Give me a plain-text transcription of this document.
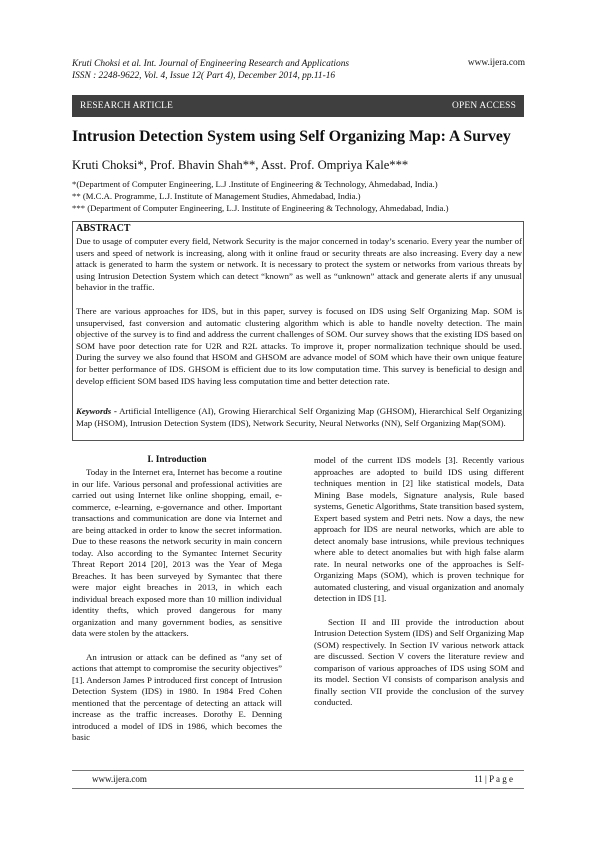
Kruti Choksi et al. Int. Journal of Engineering Research and Applications
ISSN : 2248-9622, Vol. 4, Issue 12( Part 4), December 2014, pp.11-16
www.ijera.com
RESEARCH ARTICLE	OPEN ACCESS
Intrusion Detection System using Self Organizing Map: A Survey
Kruti Choksi*, Prof. Bhavin Shah**, Asst. Prof. Ompriya Kale***
*(Department of Computer Engineering, L.J .Institute of Engineering & Technology, Ahmedabad, India.)
** (M.C.A. Programme, L.J. Institute of Management Studies, Ahmedabad, India.)
*** (Department of Computer Engineering, L.J. Institute of Engineering & Technology, Ahmedabad, India.)
ABSTRACT
Due to usage of computer every field, Network Security is the major concerned in today’s scenario. Every year the number of users and speed of network is increasing, along with it online fraud or security threats are also increasing. Every day a new attack is generated to harm the system or network. It is necessary to protect the system or networks from various threats by using Intrusion Detection System which can detect “known” as well as “unknown” attack and generate alerts if any unusual behavior in the traffic.
There are various approaches for IDS, but in this paper, survey is focused on IDS using Self Organizing Map. SOM is unsupervised, fast conversion and automatic clustering algorithm which is able to handle novelty detection. The main objective of the survey is to find and address the current challenges of SOM. Our survey shows that the existing IDS based on SOM have poor detection rate for U2R and R2L attacks. To improve it, proper normalization technique should be used. During the survey we also found that HSOM and GHSOM are advance model of SOM which have their own unique feature for better performance of IDS. GHSOM is efficient due to its low computation time. This survey is beneficial to design and develop efficient SOM based IDS having less computation time and better detection rate.
Keywords - Artificial Intelligence (AI), Growing Hierarchical Self Organizing Map (GHSOM), Hierarchical Self Organizing Map (HSOM), Intrusion Detection System (IDS), Network Security, Neural Networks (NN), Self Organizing Map(SOM).
I. Introduction

Today in the Internet era, Internet has become a routine in our life. Various personal and professional activities are carried out using Internet like online shopping, email, e-commerce, e-learning, e-governance and other. Important transactions and communication are done via Internet and are being attacked in order to know the secret information. Due to these reasons the network security in main concern today. Also according to the Symantec Internet Security Threat Report 2014 [20], 2013 was the Year of Mega Breaches. It has been surveyed by Symantec that there were major eight breaches in 2013, in which each individual breach exposed more than 10 million individual identity thefts, which proved dangerous for many organization and many government bodies, as sensitive data were stolen by the attackers.

An intrusion or attack can be defined as “any set of actions that attempt to compromise the security objectives” [1]. Anderson James P introduced first concept of Intrusion Detection System (IDS) in 1980. In 1984 Fred Cohen mentioned that the percentage of detecting an attack will increase as the traffic increases. Dorothy E. Denning introduced a model of IDS in 1986, which becomes the basic

model of the current IDS models [3]. Recently various approaches are adopted to build IDS using different techniques mention in [2] like statistical models, Data Mining Base models, Signature analysis, Rule based systems, Genetic Algorithms, State transition based system, Expert based system and Petri nets. Now a days, the new approach for IDS are neural networks, which are able to detect anomaly base intrusions, while previous techniques where able to detect anomalies but with high false alarm rate. In neural networks one of the approaches is Self-Organizing Maps (SOM), which is proven technique for automated clustering, and visual organization and anomaly detection in IDS [1].

Section II and III provide the introduction about Intrusion Detection System (IDS) and Self Organizing Map (SOM) respectively. In Section IV various network attack are discussed. Section V covers the literature review and comparison of various approaches of IDS using SOM and its model. Section VI consists of comparison analysis and finally section VII provide the conclusion of the survey conducted.

www.ijera.com	11 | P a g e
